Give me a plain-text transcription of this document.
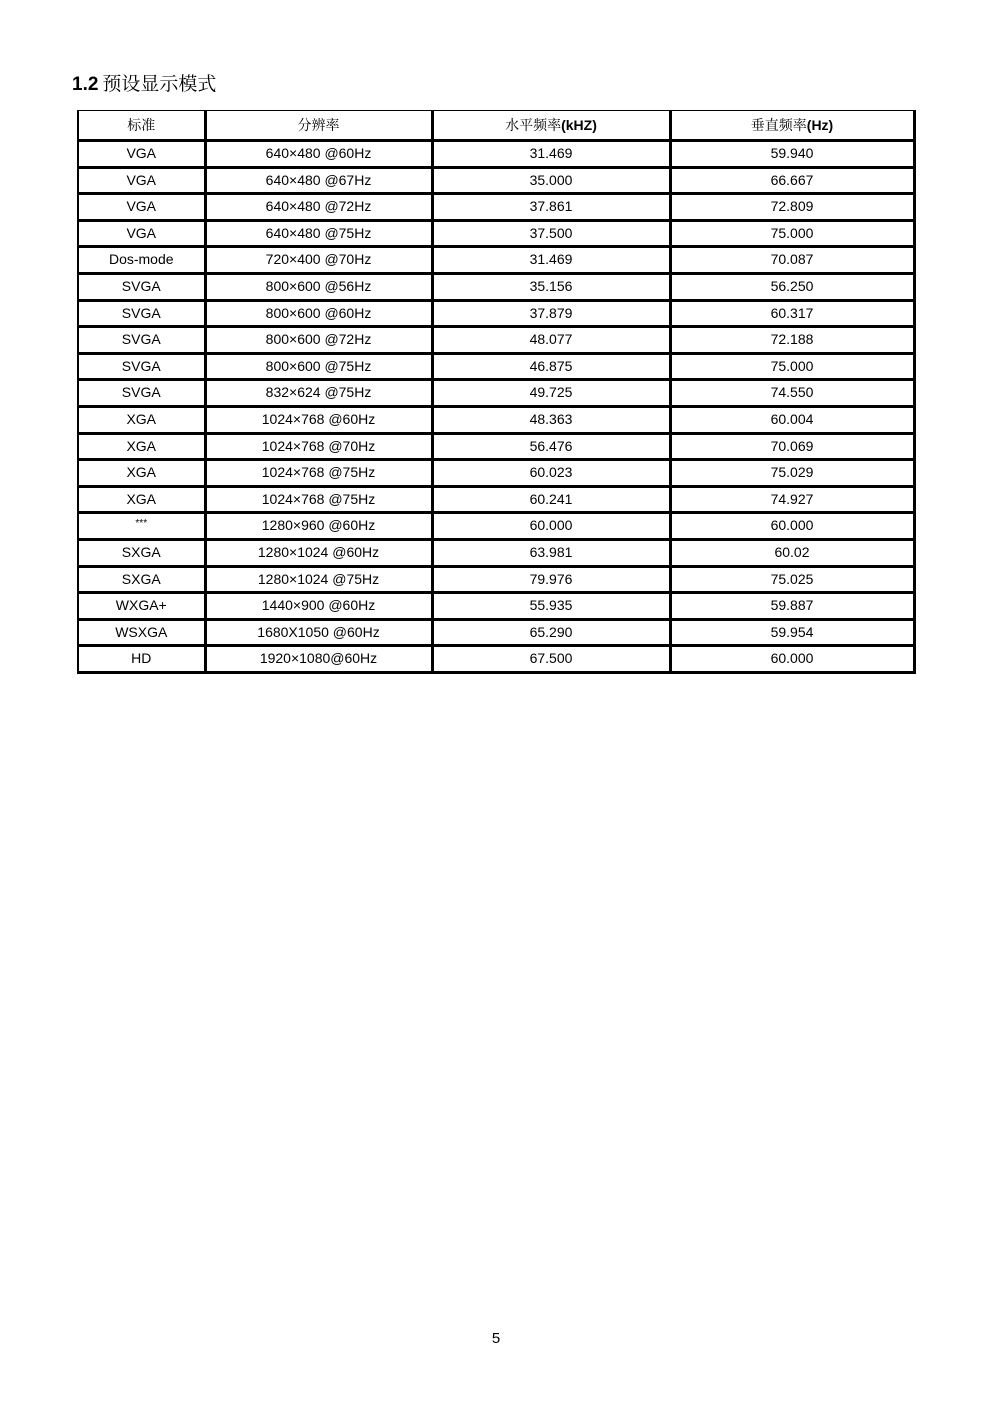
1.2 预设显示模式
标准	分辨率	水平频率(kHZ)	垂直频率(Hz)
VGA	640×480 @60Hz	31.469	59.940
VGA	640×480 @67Hz	35.000	66.667
VGA	640×480 @72Hz	37.861	72.809
VGA	640×480 @75Hz	37.500	75.000
Dos-mode	720×400 @70Hz	31.469	70.087
SVGA	800×600 @56Hz	35.156	56.250
SVGA	800×600 @60Hz	37.879	60.317
SVGA	800×600 @72Hz	48.077	72.188
SVGA	800×600 @75Hz	46.875	75.000
SVGA	832×624 @75Hz	49.725	74.550
XGA	1024×768 @60Hz	48.363	60.004
XGA	1024×768 @70Hz	56.476	70.069
XGA	1024×768 @75Hz	60.023	75.029
XGA	1024×768 @75Hz	60.241	74.927
***	1280×960 @60Hz	60.000	60.000
SXGA	1280×1024 @60Hz	63.981	60.02
SXGA	1280×1024 @75Hz	79.976	75.025
WXGA+	1440×900 @60Hz	55.935	59.887
WSXGA	1680X1050 @60Hz	65.290	59.954
HD	1920×1080@60Hz	67.500	60.000
5
